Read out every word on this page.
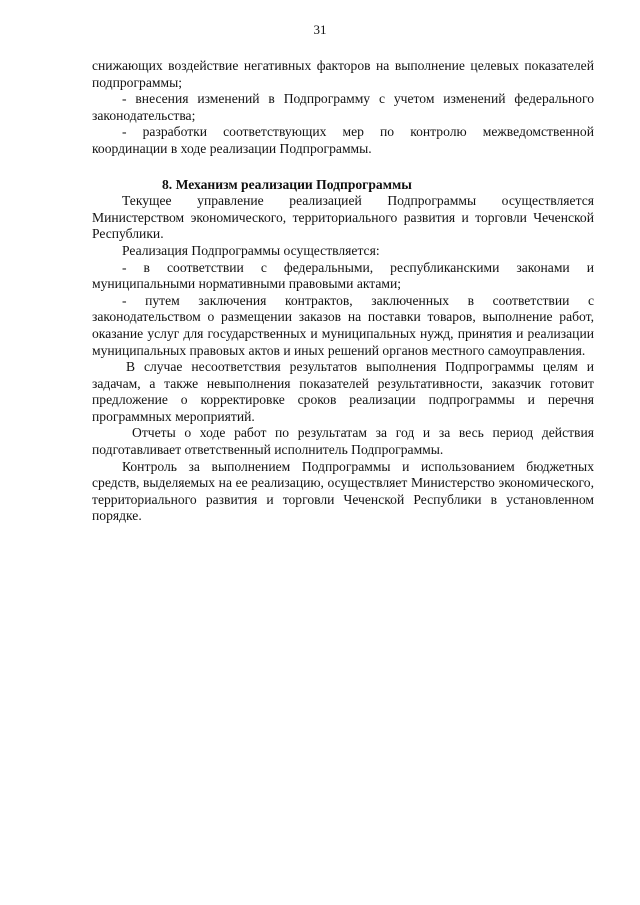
31

снижающих воздействие негативных факторов на выполнение целевых показателей подпрограммы;

- внесения изменений в Подпрограмму с учетом изменений федерального законодательства;

- разработки соответствующих мер по контролю межведомственной координации в ходе реализации Подпрограммы.

8. Механизм реализации Подпрограммы

Текущее управление реализацией Подпрограммы осуществляется Министерством экономического, территориального развития и торговли Чеченской Республики.

Реализация Подпрограммы осуществляется:

- в соответствии с федеральными, республиканскими законами и муниципальными нормативными правовыми актами;

- путем заключения контрактов, заключенных в соответствии с законодательством о размещении заказов на поставки товаров, выполнение работ, оказание услуг для государственных и муниципальных нужд, принятия и реализации муниципальных правовых актов и иных решений органов местного самоуправления.

В случае несоответствия результатов выполнения Подпрограммы целям и задачам, а также невыполнения показателей результативности, заказчик готовит предложение о корректировке сроков реализации подпрограммы и перечня программных мероприятий.

Отчеты о ходе работ по результатам за год и за весь период действия подготавливает ответственный исполнитель Подпрограммы.

Контроль за выполнением Подпрограммы и использованием бюджетных средств, выделяемых на ее реализацию, осуществляет Министерство экономического, территориального развития и торговли Чеченской Республики в установленном порядке.
